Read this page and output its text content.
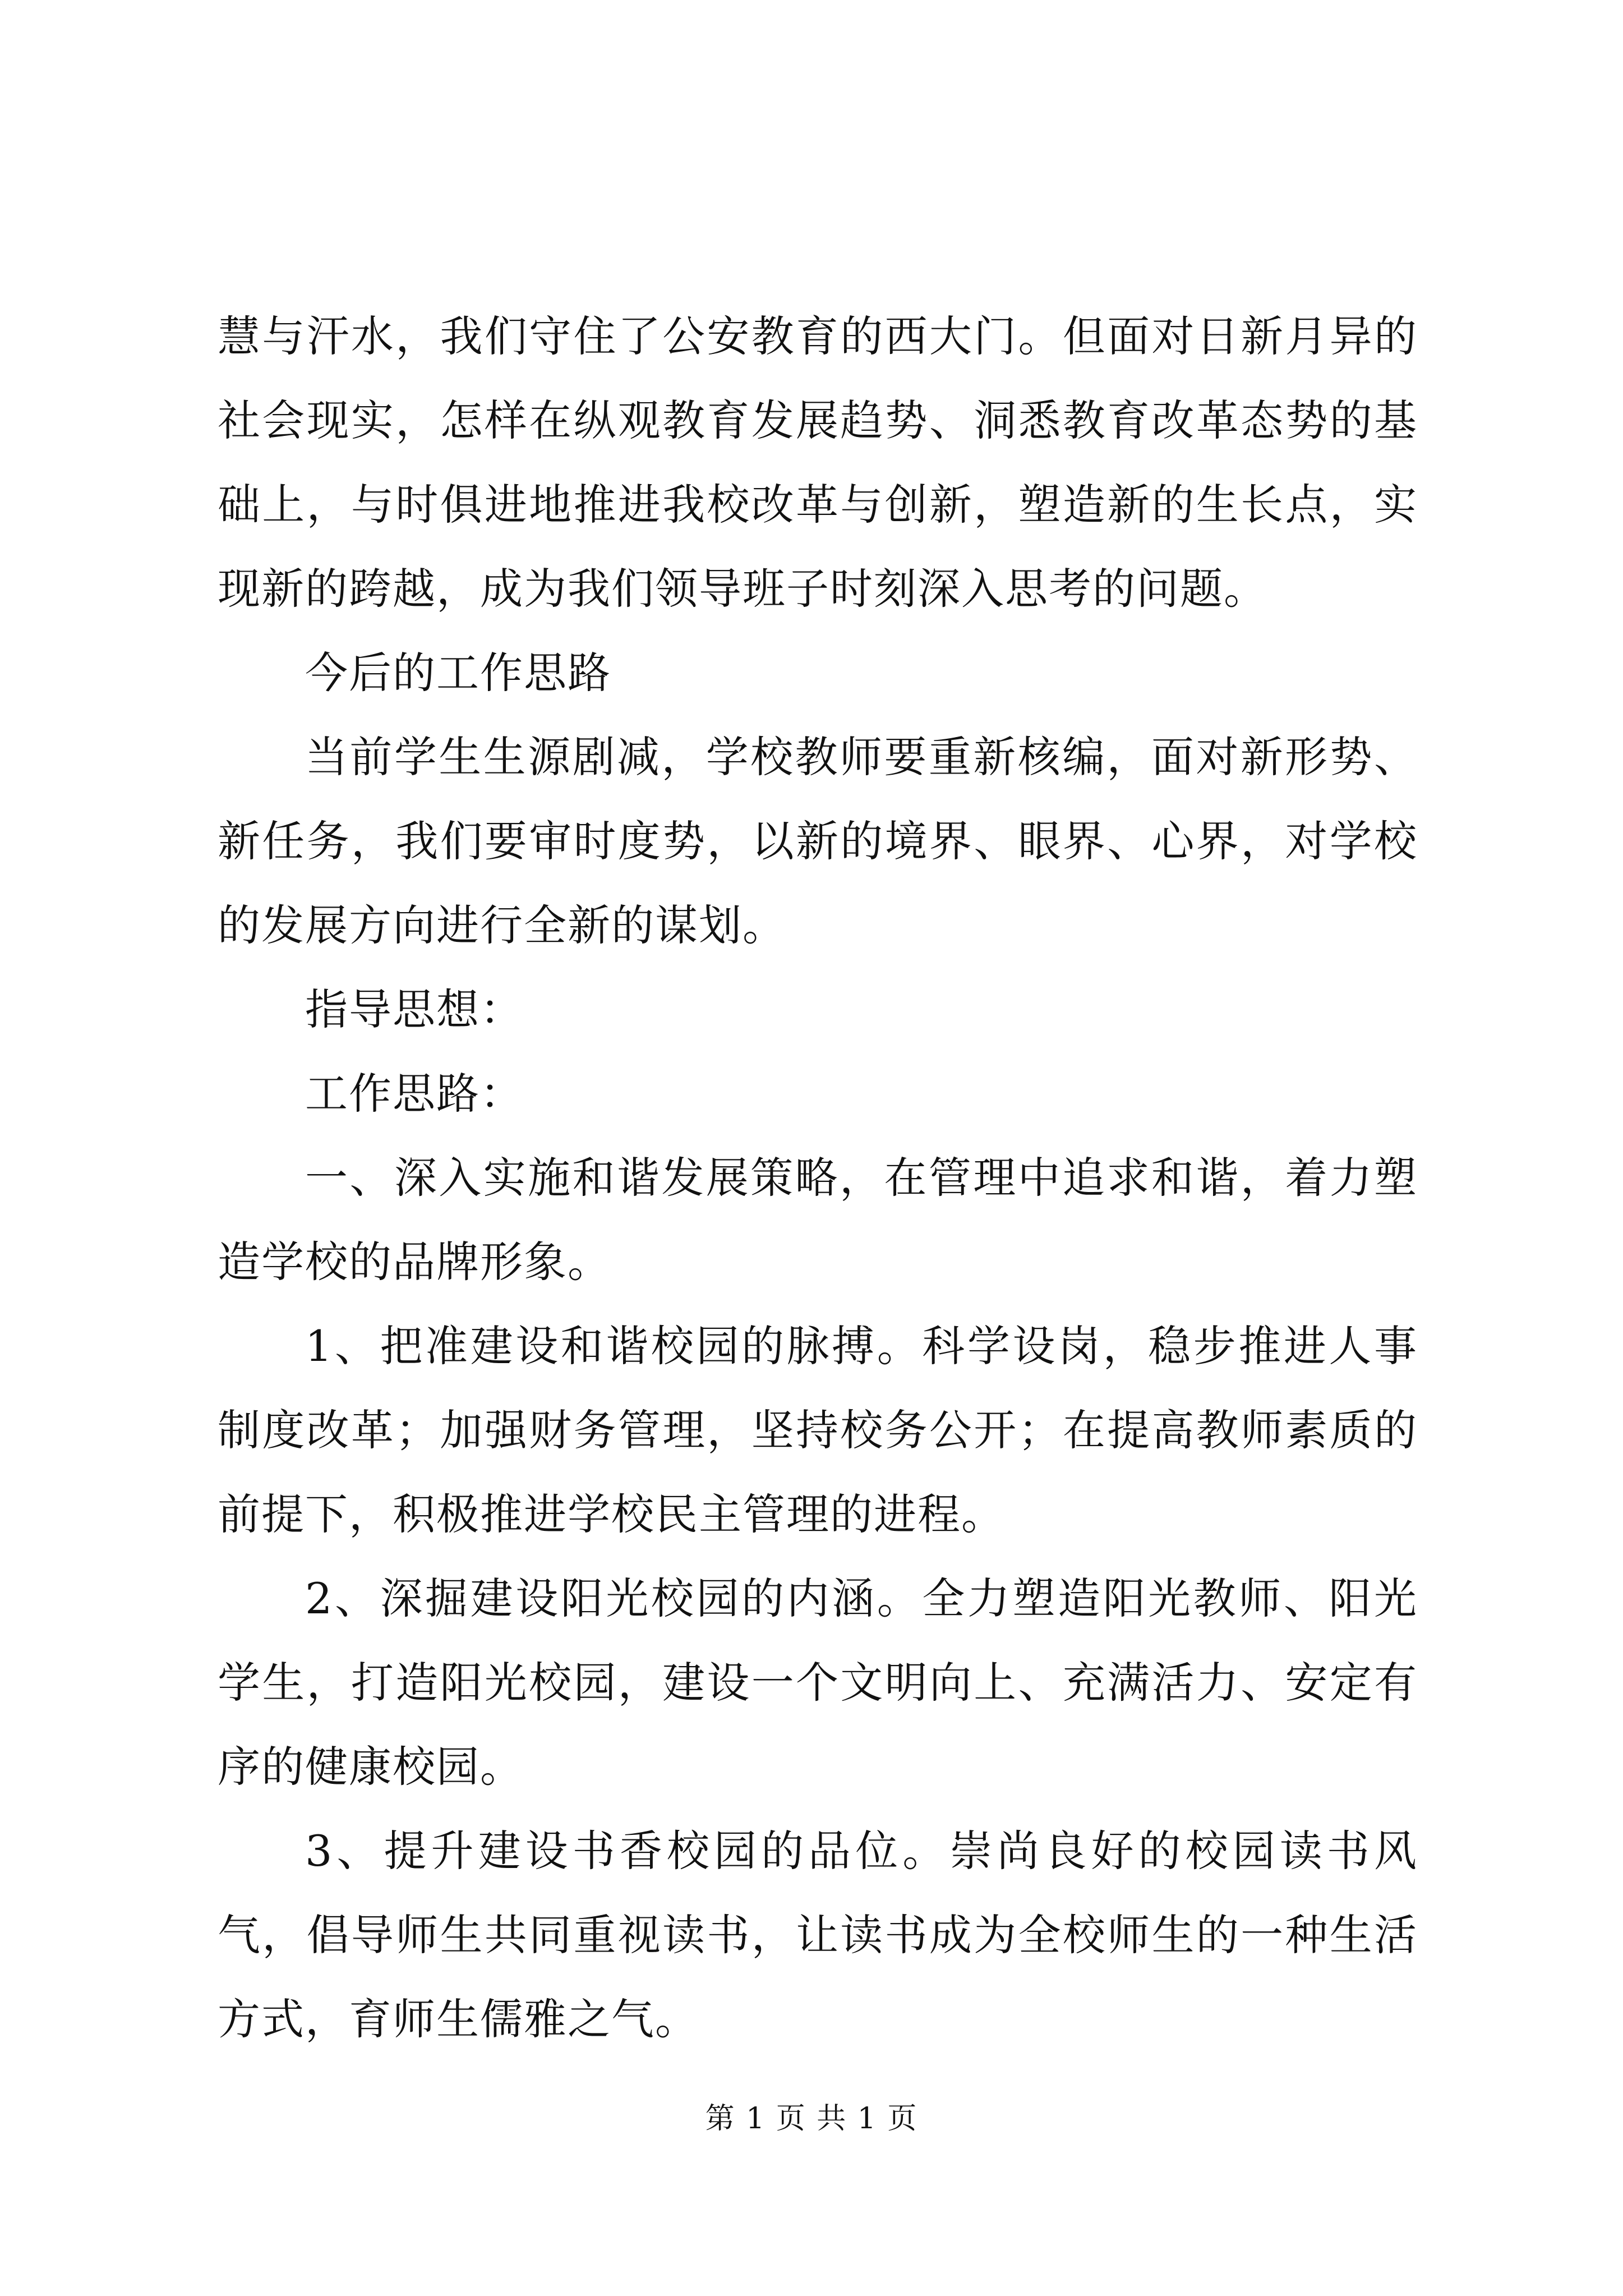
慧与汗水，我们守住了公安教育的西大门。但面对日新月异的社会现实，怎样在纵观教育发展趋势、洞悉教育改革态势的基础上，与时俱进地推进我校改革与创新，塑造新的生长点，实现新的跨越，成为我们领导班子时刻深入思考的问题。

今后的工作思路

当前学生生源剧减，学校教师要重新核编，面对新形势、新任务，我们要审时度势，以新的境界、眼界、心界，对学校的发展方向进行全新的谋划。

指导思想：

工作思路：

一、深入实施和谐发展策略，在管理中追求和谐，着力塑造学校的品牌形象。

1、把准建设和谐校园的脉搏。科学设岗，稳步推进人事制度改革；加强财务管理，坚持校务公开；在提高教师素质的前提下，积极推进学校民主管理的进程。

2、深掘建设阳光校园的内涵。全力塑造阳光教师、阳光学生，打造阳光校园，建设一个文明向上、充满活力、安定有序的健康校园。

3、提升建设书香校园的品位。崇尚良好的校园读书风气，倡导师生共同重视读书，让读书成为全校师生的一种生活方式，育师生儒雅之气。

第 1 页 共 1 页
